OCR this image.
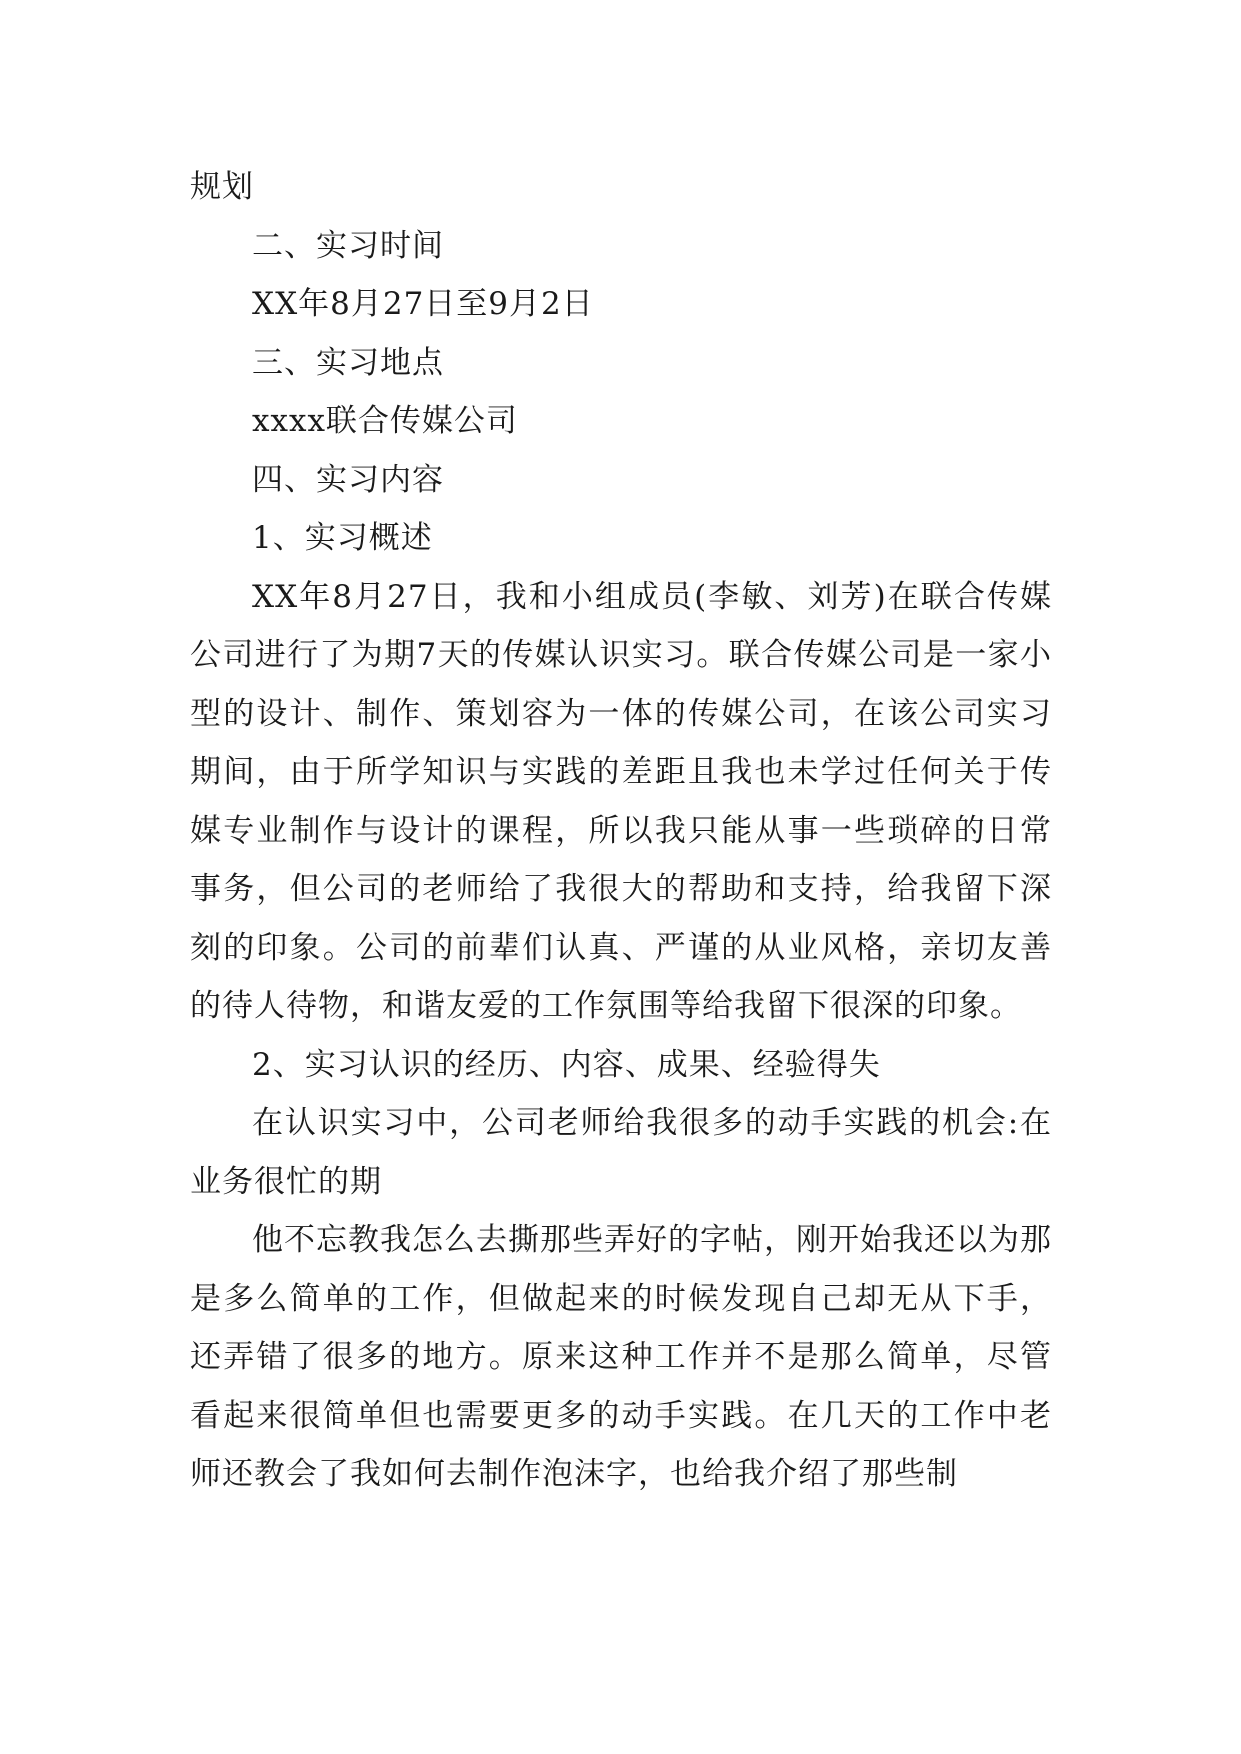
规划

二、实习时间

XX年8月27日至9月2日

三、实习地点

xxxx联合传媒公司

四、实习内容

1、实习概述

XX年8月27日，我和小组成员(李敏、刘芳)在联合传媒公司进行了为期7天的传媒认识实习。联合传媒公司是一家小型的设计、制作、策划容为一体的传媒公司，在该公司实习期间，由于所学知识与实践的差距且我也未学过任何关于传媒专业制作与设计的课程，所以我只能从事一些琐碎的日常事务，但公司的老师给了我很大的帮助和支持，给我留下深刻的印象。公司的前辈们认真、严谨的从业风格，亲切友善的待人待物，和谐友爱的工作氛围等给我留下很深的印象。

2、实习认识的经历、内容、成果、经验得失

在认识实习中，公司老师给我很多的动手实践的机会:在业务很忙的期

他不忘教我怎么去撕那些弄好的字帖，刚开始我还以为那是多么简单的工作，但做起来的时候发现自己却无从下手，还弄错了很多的地方。原来这种工作并不是那么简单，尽管看起来很简单但也需要更多的动手实践。在几天的工作中老师还教会了我如何去制作泡沫字，也给我介绍了那些制
